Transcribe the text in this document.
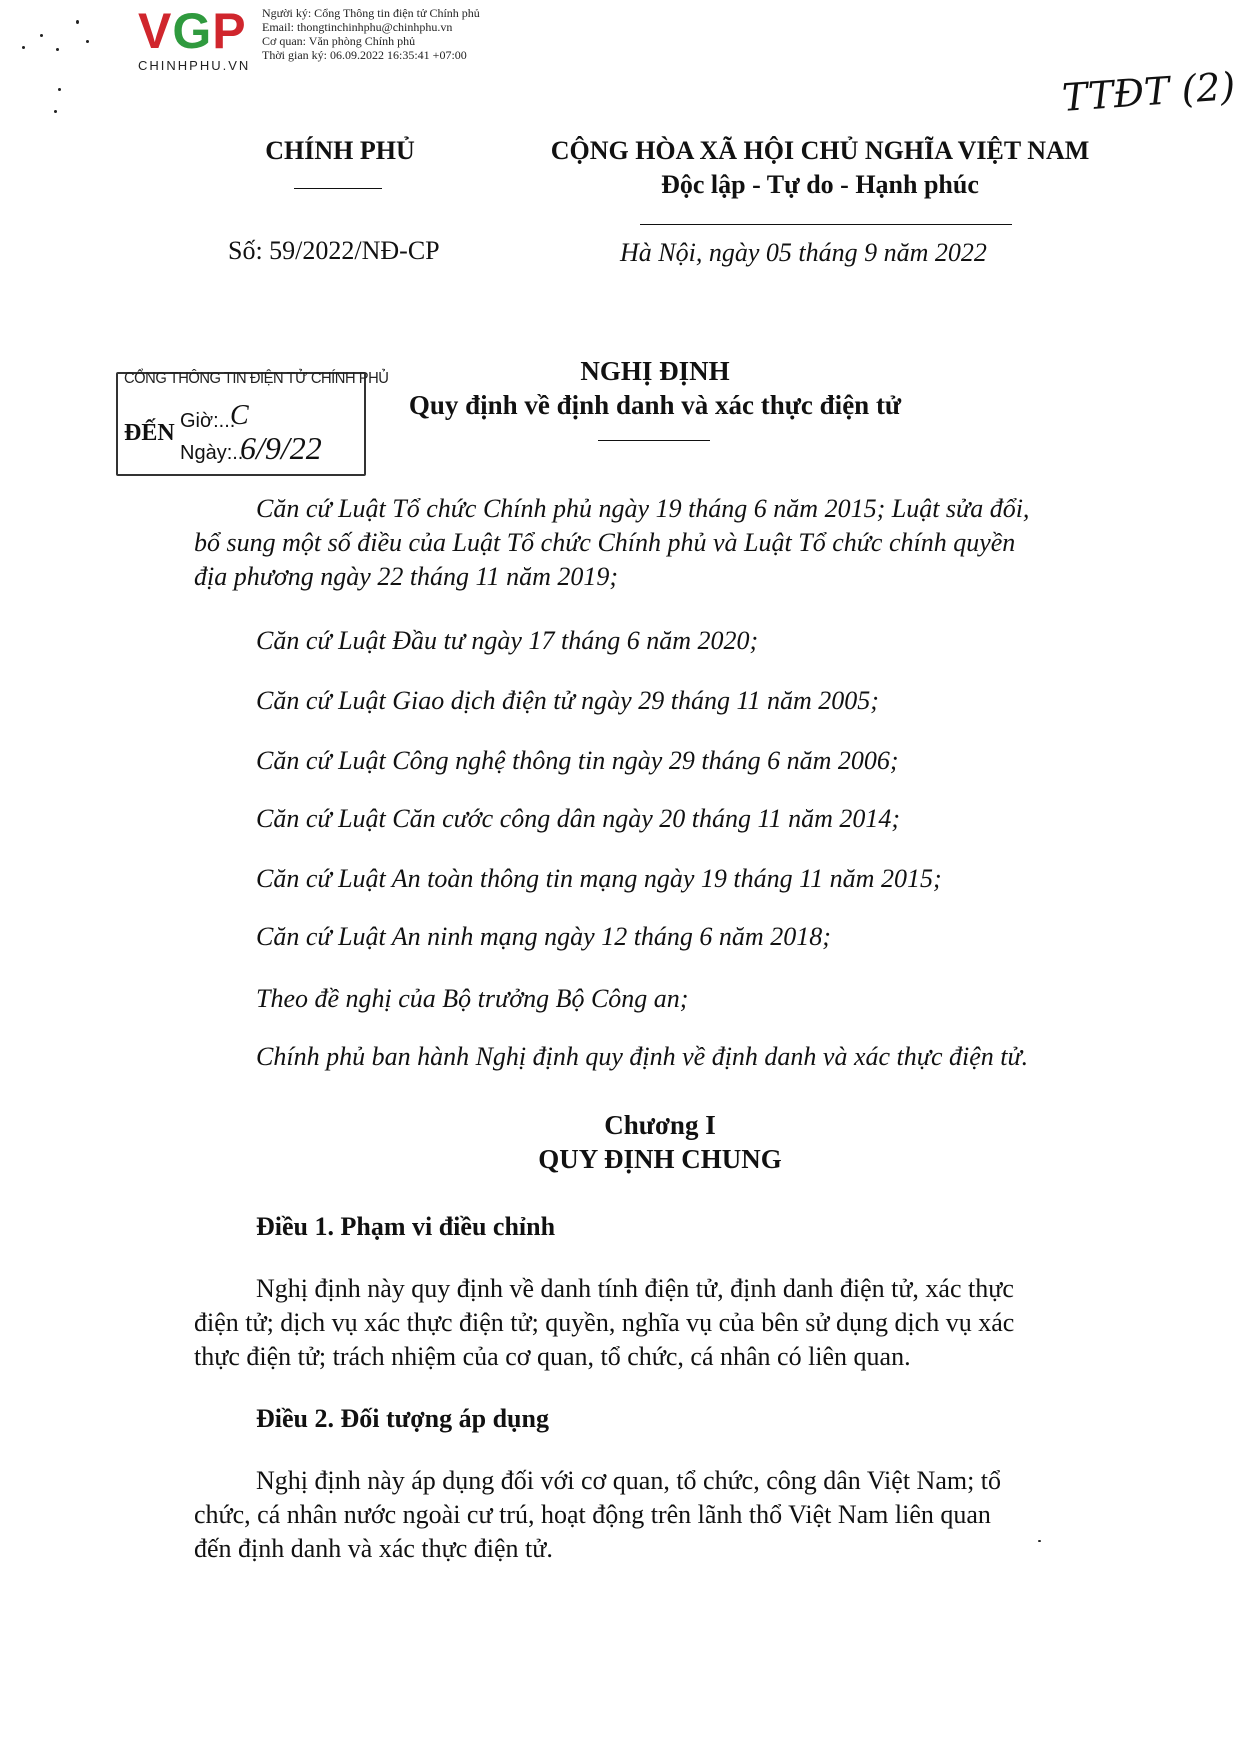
VGP
CHINHPHU.VN
Người ký: Cổng Thông tin điện tử Chính phủ
Email: thongtinchinhphu@chinhphu.vn
Cơ quan: Văn phòng Chính phủ
Thời gian ký: 06.09.2022 16:35:41 +07:00
TTĐT (2)
CHÍNH PHỦ	CỘNG HÒA XÃ HỘI CHỦ NGHĨA VIỆT NAM
Độc lập - Tự do - Hạnh phúc
Số: 59/2022/NĐ-CP	Hà Nội, ngày 05 tháng 9 năm 2022
CỔNG THÔNG TIN ĐIỆN TỬ CHÍNH PHỦ
ĐẾN Giờ:...
C
Ngày:..
6/9/22
NGHỊ ĐỊNH
Quy định về định danh và xác thực điện tử
Căn cứ Luật Tổ chức Chính phủ ngày 19 tháng 6 năm 2015; Luật sửa đổi,
bổ sung một số điều của Luật Tổ chức Chính phủ và Luật Tổ chức chính quyền
địa phương ngày 22 tháng 11 năm 2019;
Căn cứ Luật Đầu tư ngày 17 tháng 6 năm 2020;
Căn cứ Luật Giao dịch điện tử ngày 29 tháng 11 năm 2005;
Căn cứ Luật Công nghệ thông tin ngày 29 tháng 6 năm 2006;
Căn cứ Luật Căn cước công dân ngày 20 tháng 11 năm 2014;
Căn cứ Luật An toàn thông tin mạng ngày 19 tháng 11 năm 2015;
Căn cứ Luật An ninh mạng ngày 12 tháng 6 năm 2018;
Theo đề nghị của Bộ trưởng Bộ Công an;
Chính phủ ban hành Nghị định quy định về định danh và xác thực điện tử.
Chương I
QUY ĐỊNH CHUNG
Điều 1. Phạm vi điều chỉnh
Nghị định này quy định về danh tính điện tử, định danh điện tử, xác thực
điện tử; dịch vụ xác thực điện tử; quyền, nghĩa vụ của bên sử dụng dịch vụ xác
thực điện tử; trách nhiệm của cơ quan, tổ chức, cá nhân có liên quan.
Điều 2. Đối tượng áp dụng
Nghị định này áp dụng đối với cơ quan, tổ chức, công dân Việt Nam; tổ
chức, cá nhân nước ngoài cư trú, hoạt động trên lãnh thổ Việt Nam liên quan
đến định danh và xác thực điện tử.
